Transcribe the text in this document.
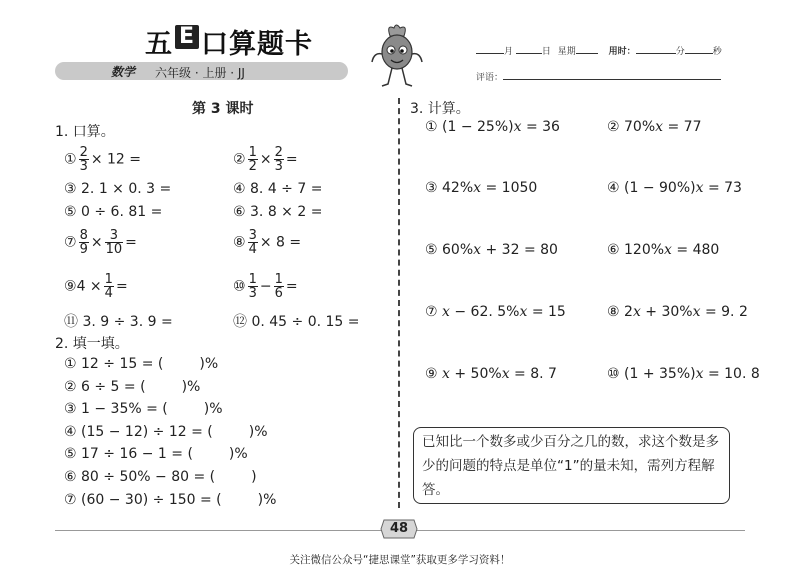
五 E 口算题卡
数学 六年级 · 上册 · JJ
月	日 星期	用时：	分	秒
评语：
第 3 课时
1. 口算。
① $\frac{2}{3} \times 12$ =	② $\frac{1}{2} \times \frac{2}{3}$ =
③ 2. 1 × 0. 3 =	④ 8. 4 ÷ 7 =
⑤ 0 ÷ 6. 81 =	⑥ 3. 8 × 2 =
⑦ $\frac{8}{9} \times \frac{3}{10}$ =	⑧ $\frac{3}{4} \times 8$ =
⑨4 × $\frac{1}{4}$ =	⑩ $\frac{1}{3} - \frac{1}{6}$ =
⑪ 3. 9 ÷ 3. 9 =	⑫ 0. 45 ÷ 0. 15 =
2. 填一填。
① 12 ÷ 15 = (	)%
② 6 ÷ 5 = (	)%
③ 1 − 35% = (	)%
④ (15 − 12) ÷ 12 = (	)%
⑤ 17 ÷ 16 − 1 = (	)%
⑥ 80 ÷ 50% − 80 = (	)
⑦ (60 − 30) ÷ 150 = (	)%
3. 计算。
① (1 − 25%)x = 36	② 70%x = 77
③ 42%x = 1050	④ (1 − 90%)x = 73
⑤ 60%x + 32 = 80	⑥ 120%x = 480
⑦ x − 62. 5%x = 15	⑧ 2x + 30%x = 9. 2
⑨ x + 50%x = 8. 7	⑩ (1 + 35%)x = 10. 8
已知比一个数多或少百分之几的数，求这个数是多少的问题的特点是单位“1”的量未知，需列方程解答。
48
关注微信公众号“捷思课堂”获取更多学习资料！
